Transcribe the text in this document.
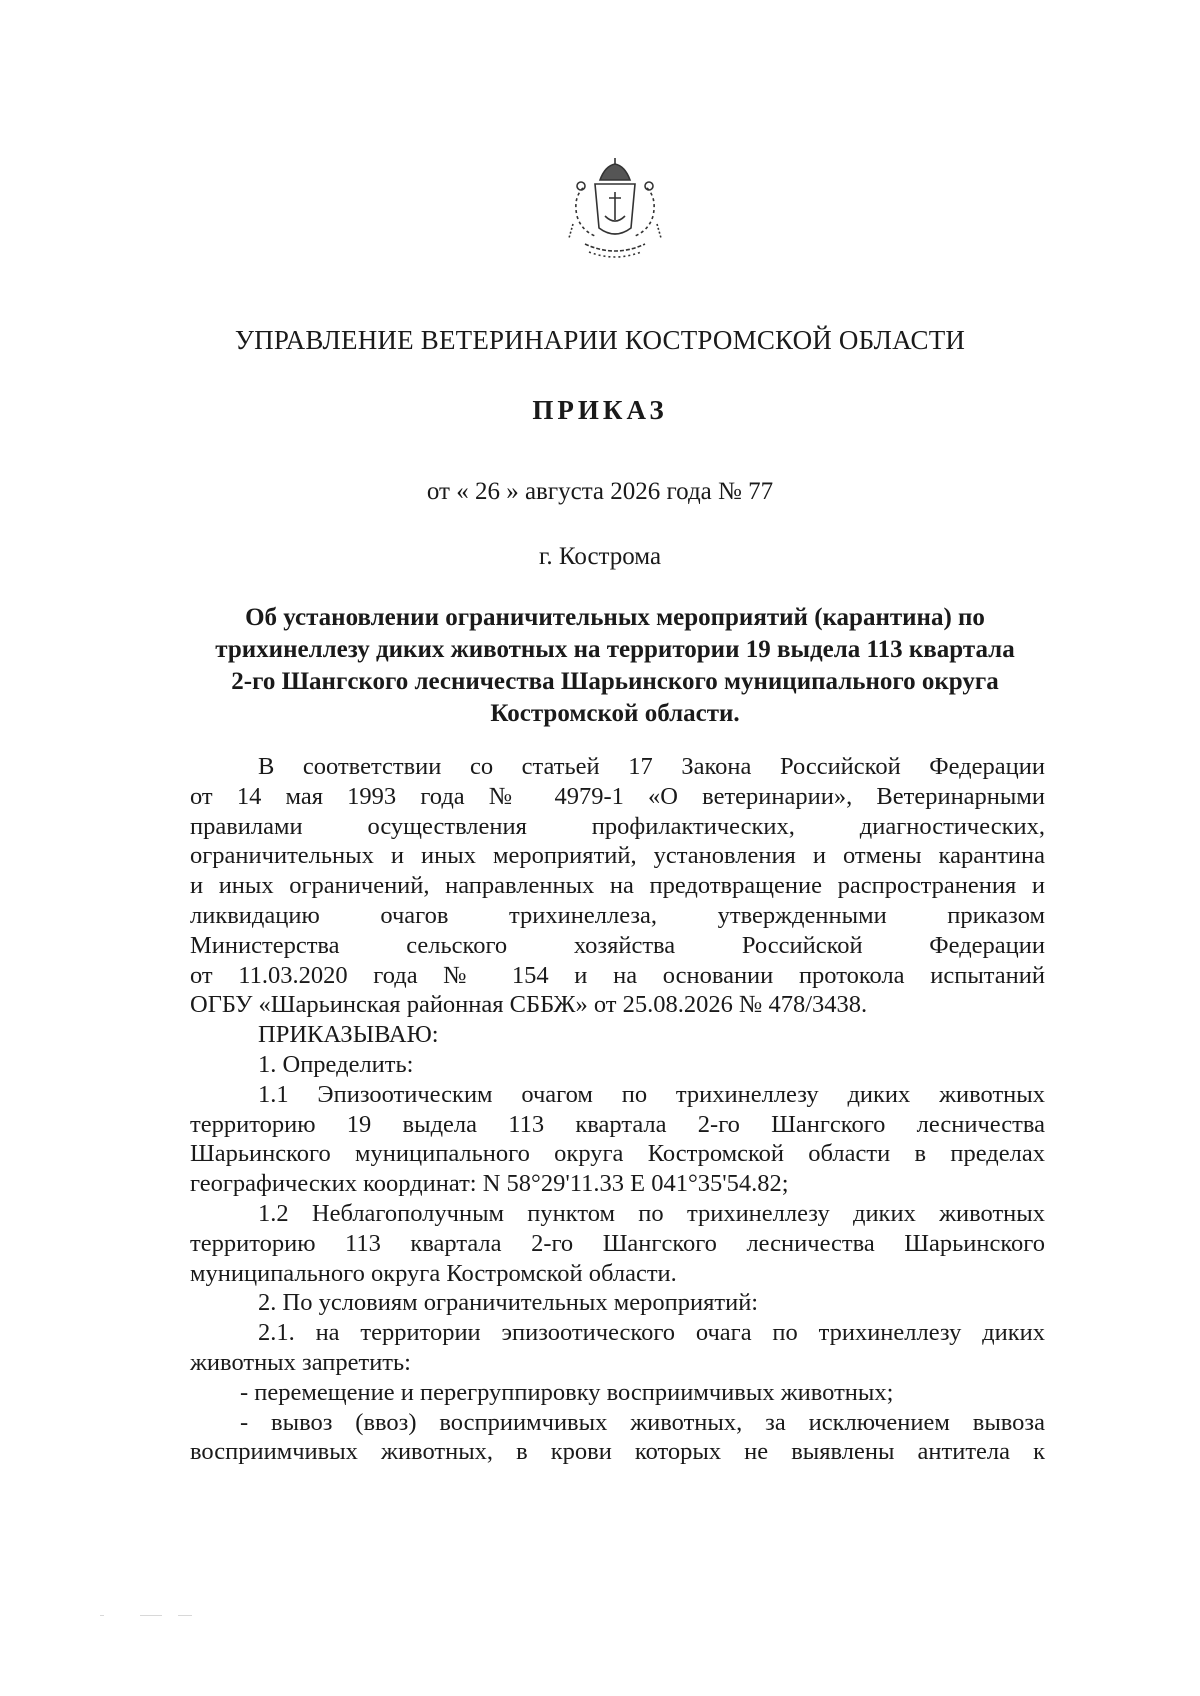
УПРАВЛЕНИЕ ВЕТЕРИНАРИИ КОСТРОМСКОЙ ОБЛАСТИ
ПРИКАЗ
от « 26 » августа 2026 года № 77
г. Кострома
Об установлении ограничительных мероприятий (карантина) по
трихинеллезу диких животных на территории 19 выдела 113 квартала
2-го Шангского лесничества Шарьинского муниципального округа
Костромской области.
В соответствии со статьей 17 Закона Российской Федерации
от 14 мая 1993 года № 4979-1 «О ветеринарии», Ветеринарными
правилами осуществления профилактических, диагностических,
ограничительных и иных мероприятий, установления и отмены карантина
и иных ограничений, направленных на предотвращение распространения и
ликвидацию очагов трихинеллеза, утвержденными приказом
Министерства сельского хозяйства Российской Федерации
от 11.03.2020 года № 154 и на основании протокола испытаний
ОГБУ «Шарьинская районная СББЖ» от 25.08.2026 № 478/3438.
ПРИКАЗЫВАЮ:
1. Определить:
1.1 Эпизоотическим очагом по трихинеллезу диких животных
территорию 19 выдела 113 квартала 2-го Шангского лесничества
Шарьинского муниципального округа Костромской области в пределах
географических координат: N 58°29'11.33 E 041°35'54.82;
1.2 Неблагополучным пунктом по трихинеллезу диких животных
территорию 113 квартала 2-го Шангского лесничества Шарьинского
муниципального округа Костромской области.
2. По условиям ограничительных мероприятий:
2.1. на территории эпизоотического очага по трихинеллезу диких
животных запретить:
- перемещение и перегруппировку восприимчивых животных;
- вывоз (ввоз) восприимчивых животных, за исключением вывоза
восприимчивых животных, в крови которых не выявлены антитела к
